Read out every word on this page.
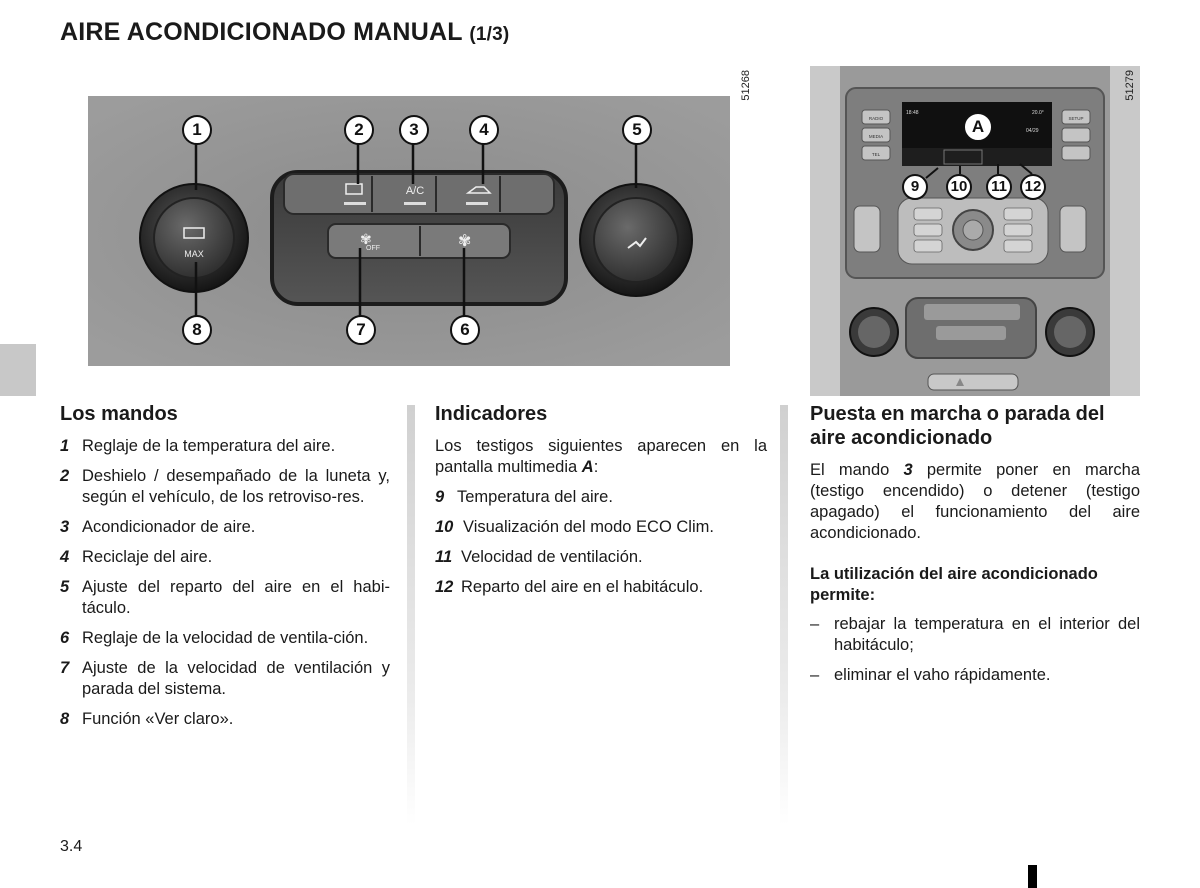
AIRE ACONDICIONADO MANUAL (1/3)
A/C
✾
OFF	✾
MAX
1	2	3	4	5
8	7	6
51268
18:48	20.0°
04/29
RADIO
MEDIA
TEL
SETUP
A
9	10	11	12
51279
Los mandos
1 Reglaje de la temperatura del aire.
2 Deshielo / desempañado de la luneta y, según el vehículo, de los retroviso-res.
3 Acondicionador de aire.
4 Reciclaje del aire.
5 Ajuste del reparto del aire en el habi-táculo.
6 Reglaje de la velocidad de ventila-ción.
7 Ajuste de la velocidad de ventilación y parada del sistema.
8 Función «Ver claro».
Indicadores
Los testigos siguientes aparecen en la pantalla multimedia A:
9 Temperatura del aire.
10 Visualización del modo ECO Clim.
11 Velocidad de ventilación.
12 Reparto del aire en el habitáculo.
Puesta en marcha o parada del aire acondicionado
El mando 3 permite poner en marcha (testigo encendido) o detener (testigo apagado) el funcionamiento del aire acondicionado.
La utilización del aire acondicionado permite:
– rebajar la temperatura en el interior del habitáculo;
– eliminar el vaho rápidamente.
3.4
